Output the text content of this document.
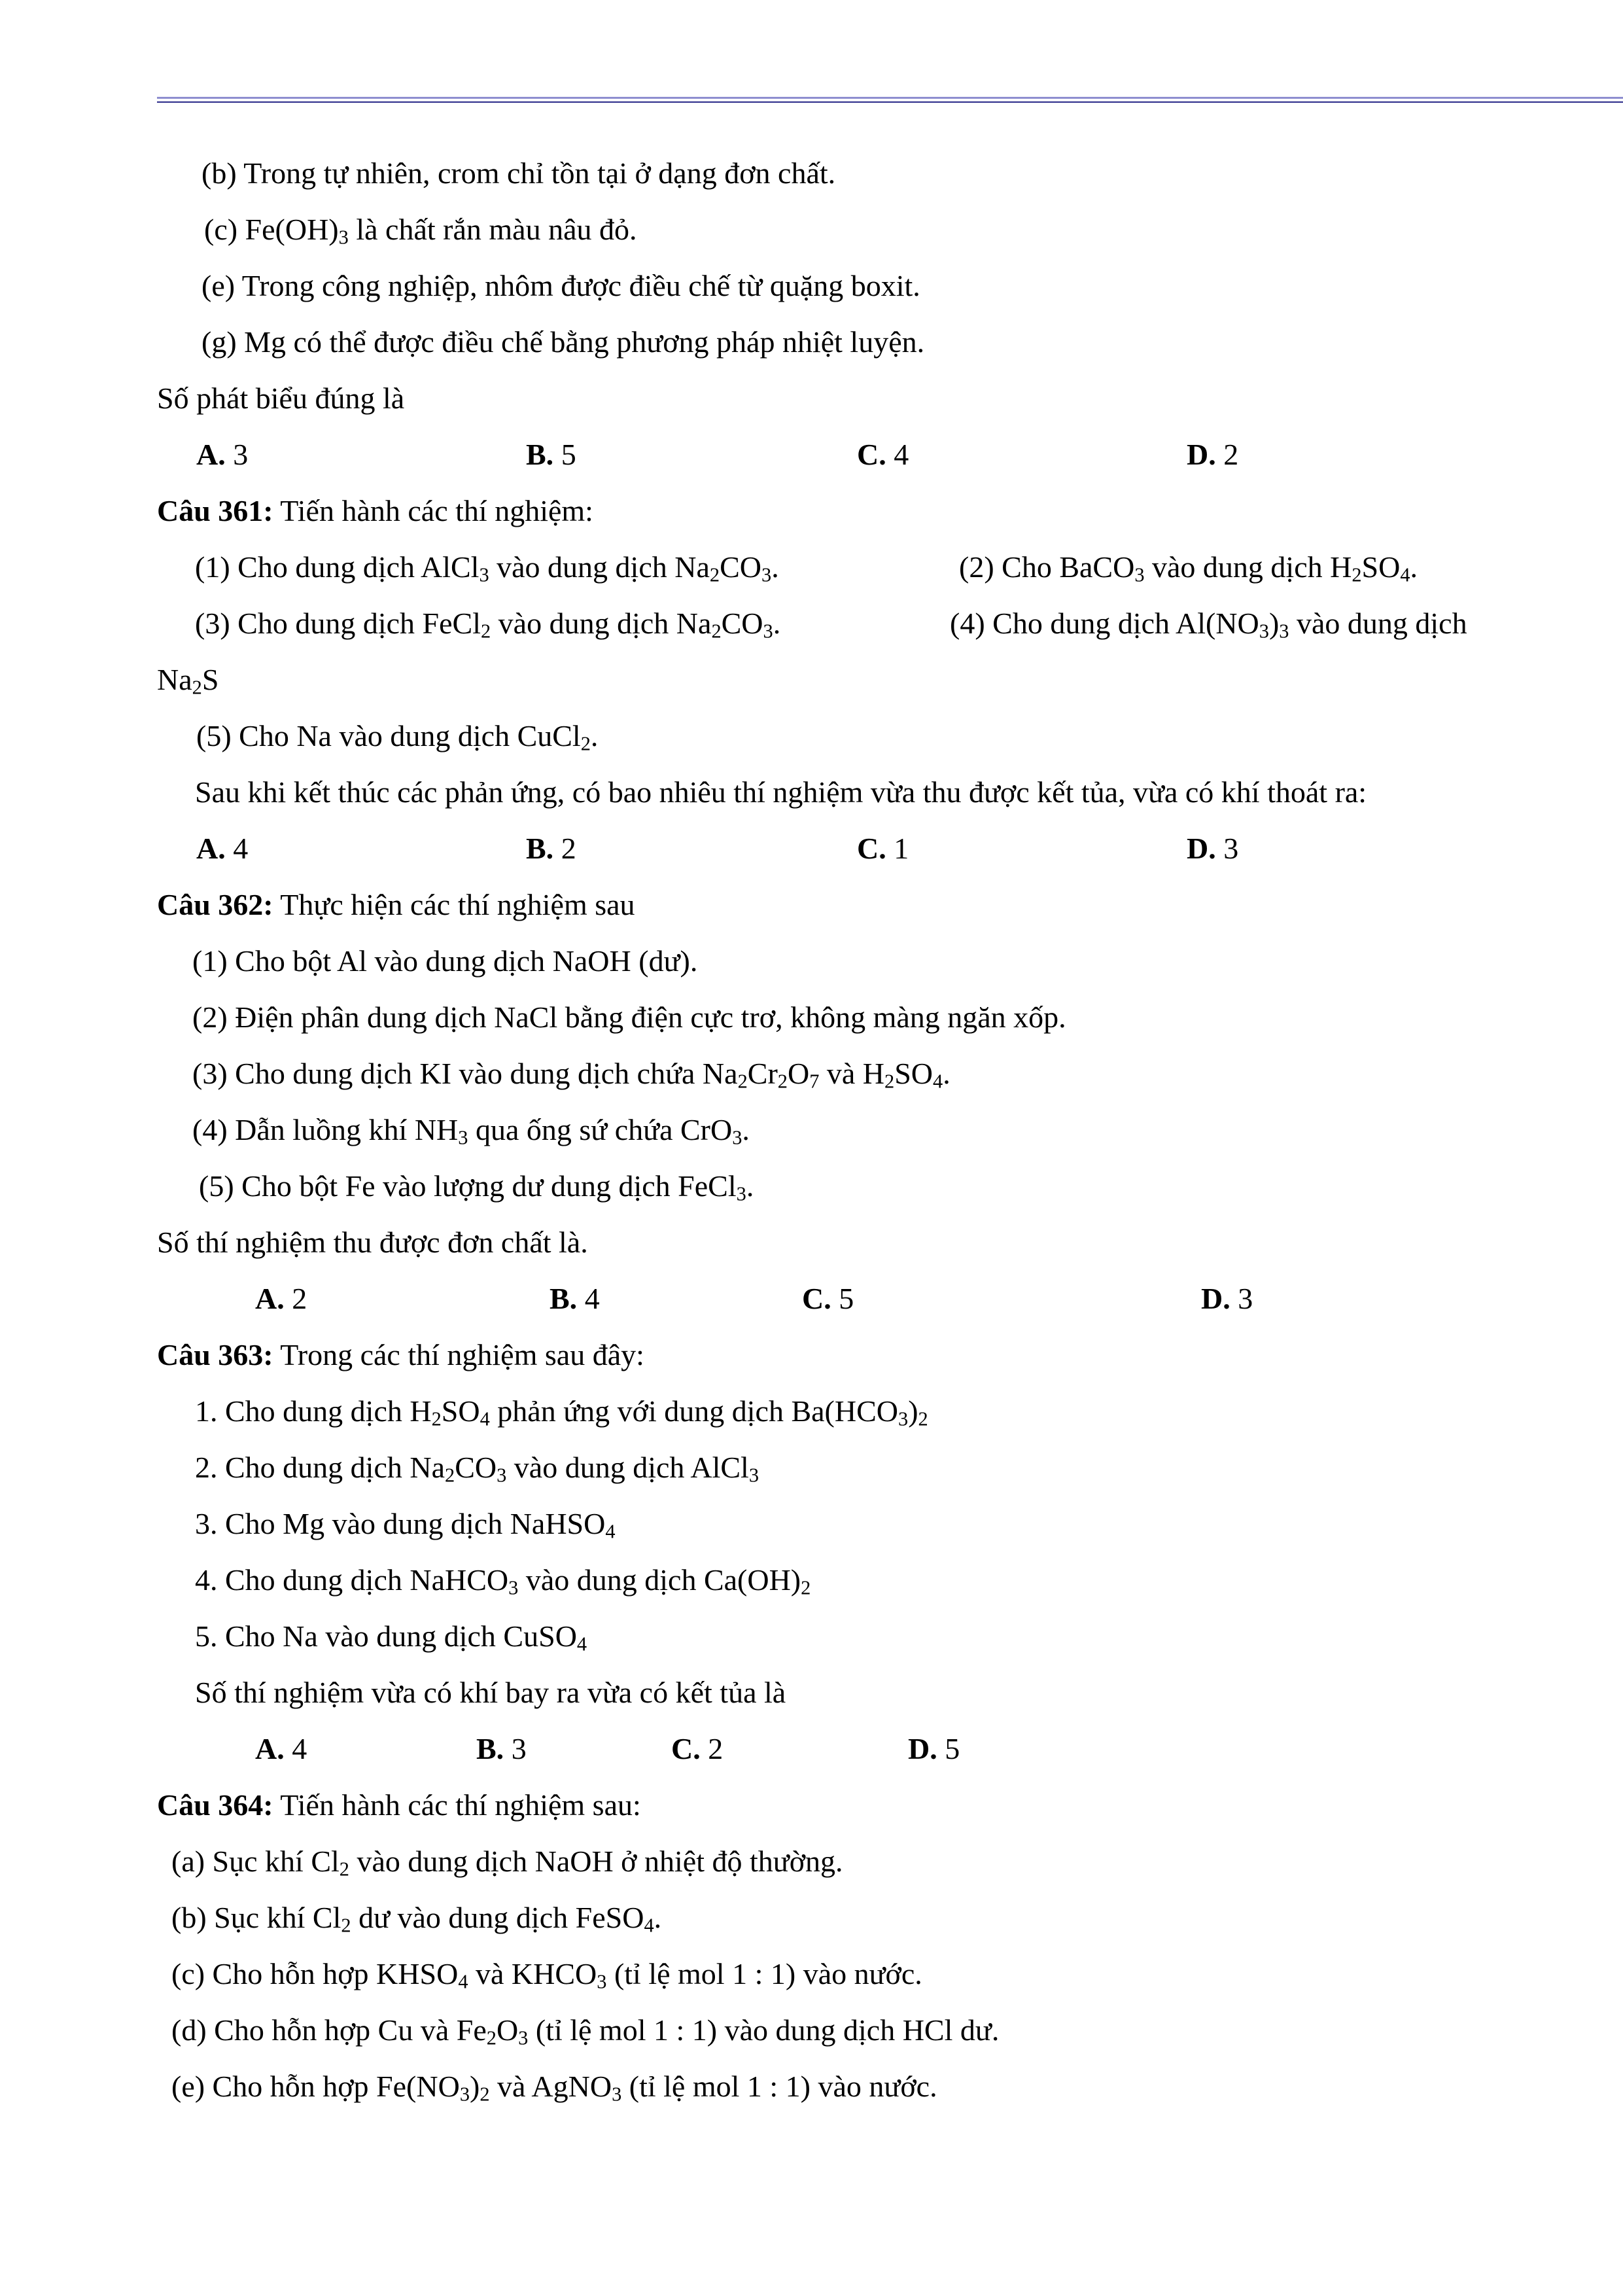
(b) Trong tự nhiên, crom chỉ tồn tại ở dạng đơn chất.
(c) $Fe(OH)_3$ là chất rắn màu nâu đỏ.
(e) Trong công nghiệp, nhôm được điều chế từ quặng boxit.
(g) Mg có thể được điều chế bằng phương pháp nhiệt luyện.
Số phát biểu đúng là
A. 3	B. 5	C. 4	D. 2
Câu 361: Tiến hành các thí nghiệm:
(1) Cho dung dịch AlCl$_3$ vào dung dịch $Na_2CO_3$.	(2) Cho BaCO$_3$ vào dung dịch $H_2SO_4$.
(3) Cho dung dịch FeCl$_2$ vào dung dịch $Na_2CO_3$.	(4) Cho dung dịch $Al(NO_3)_3$ vào dung dịch
$Na_2S$
(5) Cho Na vào dung dịch CuCl$_2$.
Sau khi kết thúc các phản ứng, có bao nhiêu thí nghiệm vừa thu được kết tủa, vừa có khí thoát ra:
A. 4	B. 2	C. 1	D. 3
Câu 362: Thực hiện các thí nghiệm sau
(1) Cho bột Al vào dung dịch NaOH (dư).
(2) Điện phân dung dịch NaCl bằng điện cực trơ, không màng ngăn xốp.
(3) Cho dung dịch KI vào dung dịch chứa $Na_2Cr_2O_7$ và $H_2SO_4$.
(4) Dẫn luồng khí $NH_3$ qua ống sứ chứa CrO$_3$.
(5) Cho bột Fe vào lượng dư dung dịch FeCl$_3$.
Số thí nghiệm thu được đơn chất là.
A. 2	B. 4	C. 5	D. 3
Câu 363: Trong các thí nghiệm sau đây:
1. Cho dung dịch $H_2SO_4$ phản ứng với dung dịch $Ba(HCO_3)_2$
2. Cho dung dịch $Na_2CO_3$ vào dung dịch AlCl$_3$
3. Cho Mg vào dung dịch NaHSO$_4$
4. Cho dung dịch NaHCO$_3$ vào dung dịch $Ca(OH)_2$
5. Cho Na vào dung dịch CuSO$_4$
Số thí nghiệm vừa có khí bay ra vừa có kết tủa là
A. 4	B. 3	C. 2	D. 5
Câu 364: Tiến hành các thí nghiệm sau:
(a) Sục khí $Cl_2$ vào dung dịch NaOH ở nhiệt độ thường.
(b) Sục khí $Cl_2$ dư vào dung dịch FeSO$_4$.
(c) Cho hỗn hợp $KHSO_4$ và $KHCO_3$ (tỉ lệ mol 1 : 1) vào nước.
(d) Cho hỗn hợp Cu và $Fe_2O_3$ (tỉ lệ mol 1 : 1) vào dung dịch HCl dư.
(e) Cho hỗn hợp $Fe(NO_3)_2$ và AgNO$_3$ (tỉ lệ mol 1 : 1) vào nước.
